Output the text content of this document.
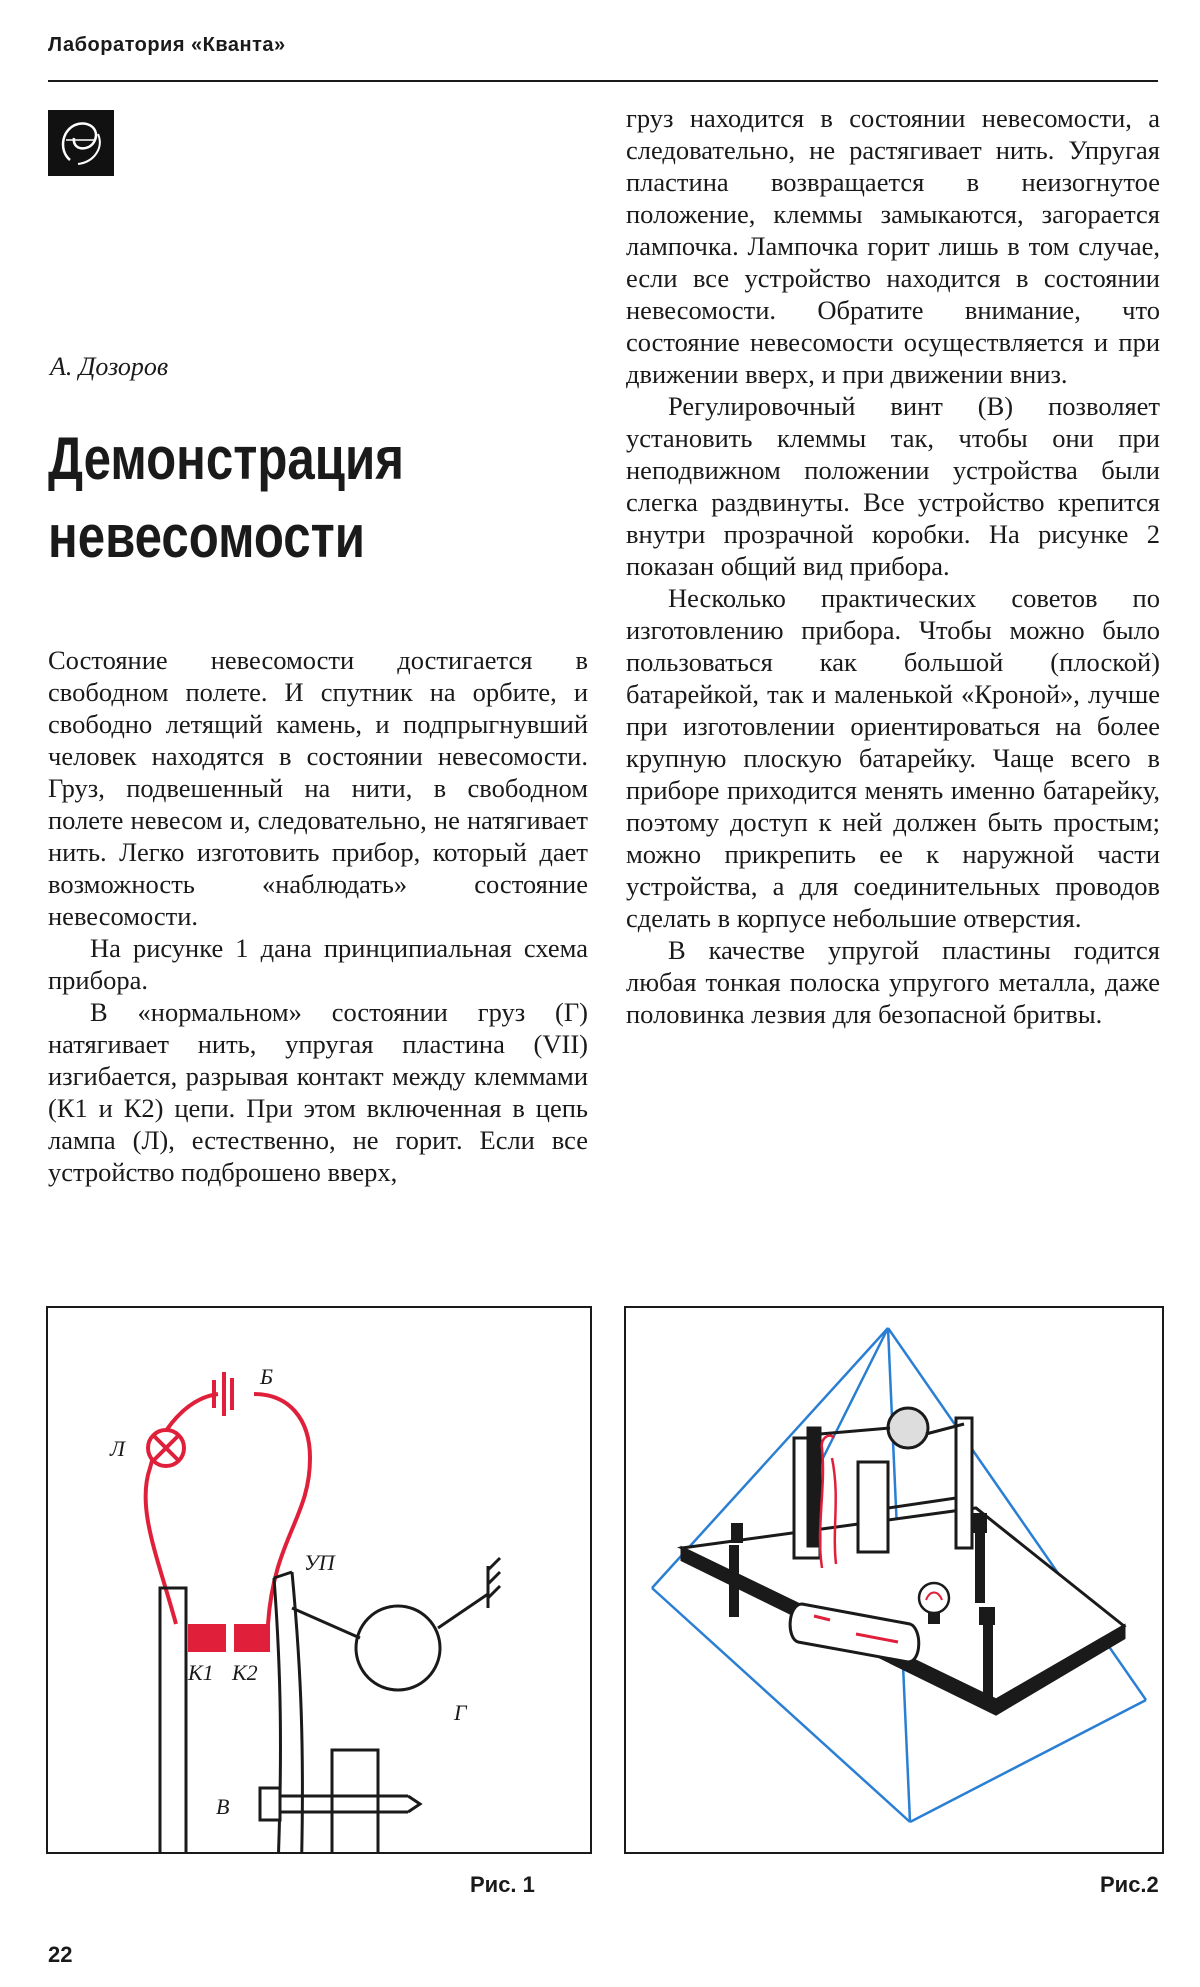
Лаборатория «Кванта»
А. Дозоров
Демонстрация
невесомости

Состояние невесомости достигается в свободном полете. И спутник на орбите, и свободно летящий камень, и подпрыгнувший человек находятся в состоянии невесомости. Груз, подвешенный на нити, в свободном полете невесом и, следовательно, не натягивает нить. Легко изготовить прибор, который дает возможность «наблюдать» состояние невесомости.

На рисунке 1 дана принципиальная схема прибора.

В «нормальном» состоянии груз (Г) натягивает нить, упругая пластина (VII) изгибается, разрывая контакт между клеммами (К1 и К2) цепи. При этом включенная в цепь лампа (Л), естественно, не горит. Если все устройство подброшено вверх,

груз находится в состоянии невесомости, а следовательно, не растягивает нить. Упругая пластина возвращается в неизогнутое положение, клеммы замыкаются, загорается лампочка. Лампочка горит лишь в том случае, если все устройство находится в состоянии невесомости. Обратите внимание, что состояние невесомости осуществляется и при движении вверх, и при движении вниз.

Регулировочный винт (В) позволяет установить клеммы так, чтобы они при неподвижном положении устройства были слегка раздвинуты. Все устройство крепится внутри прозрачной коробки. На рисунке 2 показан общий вид прибора.

Несколько практических советов по изготовлению прибора. Чтобы можно было пользоваться как большой (плоской) батарейкой, так и маленькой «Кроной», лучше при изготовлении ориентироваться на более крупную плоскую батарейку. Чаще всего в приборе приходится менять именно батарейку, поэтому доступ к ней должен быть простым; можно прикрепить ее к наружной части устройства, а для соединительных проводов сделать в корпусе небольшие отверстия.

В качестве упругой пластины годится любая тонкая полоска упругого металла, даже половинка лезвия для безопасной бритвы.

Б
Л
УП
Г
К1 К2
В
Рис. 1	Рис.2
22
